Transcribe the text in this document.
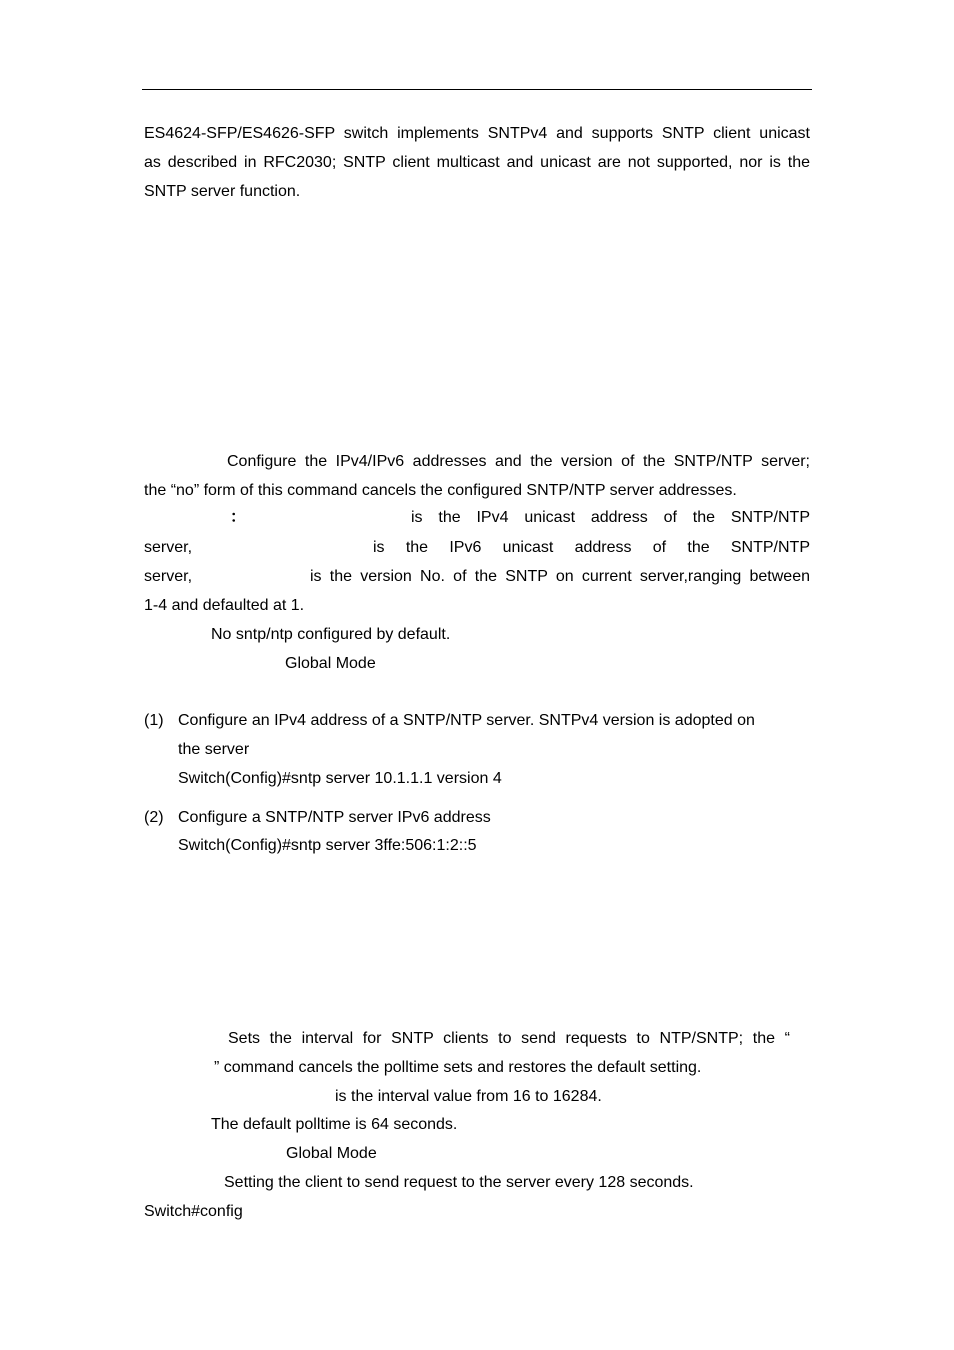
ES4624-SFP/ES4626-SFP switch implements SNTPv4 and supports SNTP client unicast
as described in RFC2030; SNTP client multicast and unicast are not supported, nor is the
SNTP server function.
Configure the IPv4/IPv6 addresses and the version of the SNTP/NTP server;
the “no” form of this command cancels the configured SNTP/NTP server addresses.
：	is the IPv4 unicast address of the SNTP/NTP
server,	is the IPv6 unicast address of the SNTP/NTP
server,	is the version No. of the SNTP on current server,ranging between
1-4 and defaulted at 1.
No sntp/ntp configured by default.
Global Mode
(1) Configure an IPv4 address of a SNTP/NTP server. SNTPv4 version is adopted on
the server
Switch(Config)#sntp server 10.1.1.1 version 4
(2) Configure a SNTP/NTP server IPv6 address
Switch(Config)#sntp server 3ffe:506:1:2::5
Sets the interval for SNTP clients to send requests to NTP/SNTP; the “
” command cancels the polltime sets and restores the default setting.
is the interval value from 16 to 16284.
The default polltime is 64 seconds.
Global Mode
Setting the client to send request to the server every 128 seconds.
Switch#config
